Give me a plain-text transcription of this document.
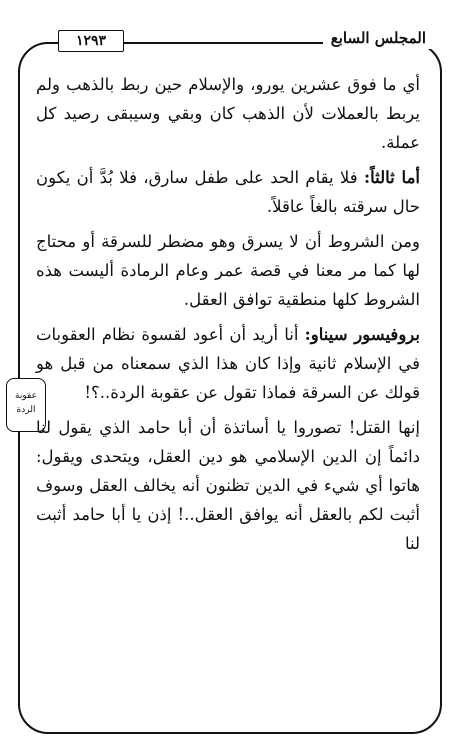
المجلس السابع
١٢٩٣
عقوبة
الردة

أي ما فوق عشرين يورو، والإسلام حين ربط بالذهب ولم يربط بالعملات لأن الذهب كان وبقي وسيبقى رصيد كل عملة.

أما ثالثاً: فلا يقام الحد على طفل سارق، فلا بُدَّ أن يكون حال سرقته بالغاً عاقلاً.

ومن الشروط أن لا يسرق وهو مضطر للسرقة أو محتاج لها كما مر معنا في قصة عمر وعام الرمادة أليست هذه الشروط كلها منطقية توافق العقل.

بروفيسور سيناو: أنا أريد أن أعود لقسوة نظام العقوبات في الإسلام ثانية وإذا كان هذا الذي سمعناه من قبل هو قولك عن السرقة فماذا تقول عن عقوبة الردة..؟!

إنها القتل! تصوروا يا أساتذة أن أبا حامد الذي يقول لنا دائماً إن الدين الإسلامي هو دين العقل، ويتحدى ويقول: هاتوا أي شيء في الدين تظنون أنه يخالف العقل وسوف أثبت لكم بالعقل أنه يوافق العقل..! إذن يا أبا حامد أثبت لنا
